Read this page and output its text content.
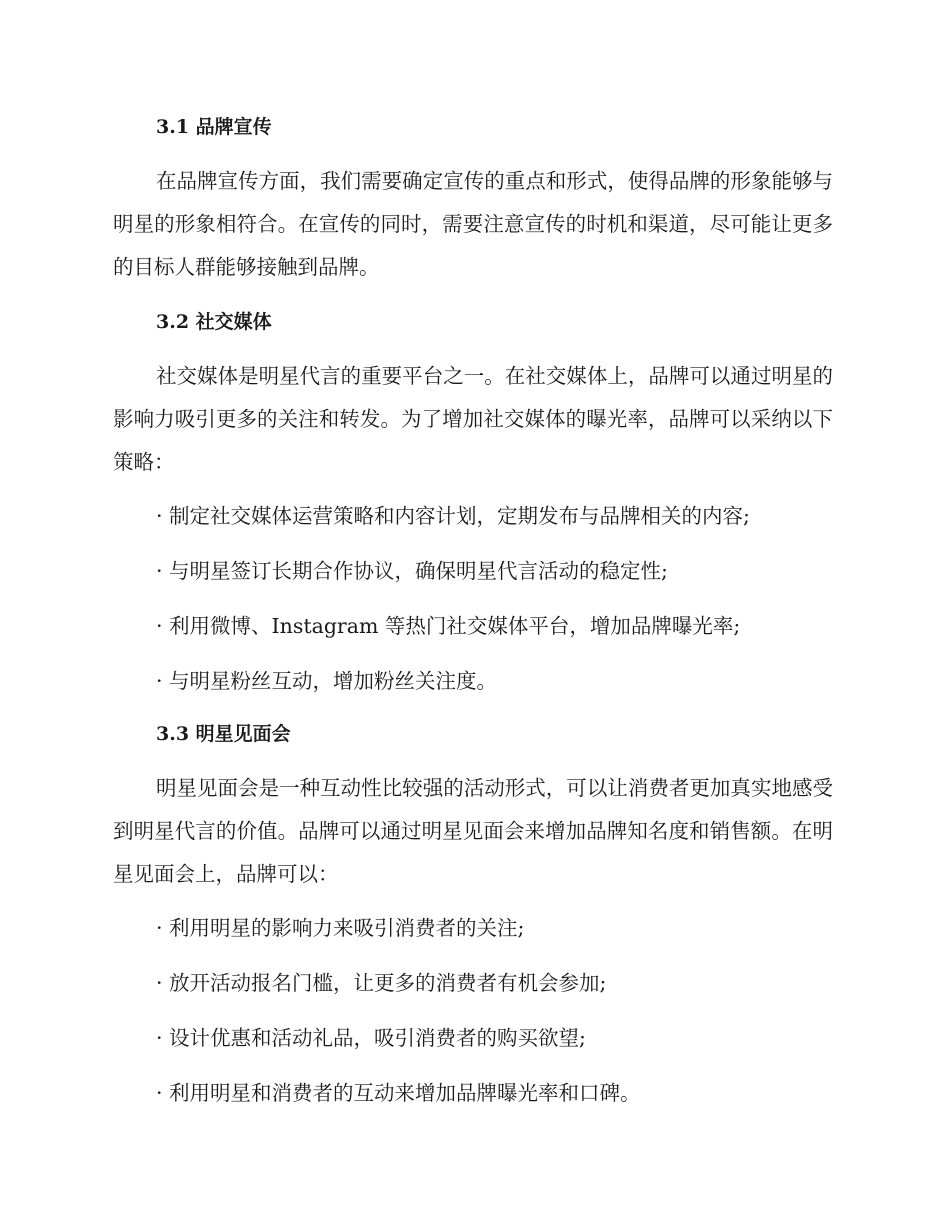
3.1 品牌宣传

在品牌宣传方面，我们需要确定宣传的重点和形式，使得品牌的形象能够与明星的形象相符合。在宣传的同时，需要注意宣传的时机和渠道，尽可能让更多的目标人群能够接触到品牌。

3.2 社交媒体

社交媒体是明星代言的重要平台之一。在社交媒体上，品牌可以通过明星的影响力吸引更多的关注和转发。为了增加社交媒体的曝光率，品牌可以采纳以下策略：

· 制定社交媒体运营策略和内容计划，定期发布与品牌相关的内容;
· 与明星签订长期合作协议，确保明星代言活动的稳定性;
· 利用微博、Instagram 等热门社交媒体平台，增加品牌曝光率;
· 与明星粉丝互动，增加粉丝关注度。
3.3 明星见面会

明星见面会是一种互动性比较强的活动形式，可以让消费者更加真实地感受到明星代言的价值。品牌可以通过明星见面会来增加品牌知名度和销售额。在明星见面会上，品牌可以：

· 利用明星的影响力来吸引消费者的关注;
· 放开活动报名门槛，让更多的消费者有机会参加;
· 设计优惠和活动礼品，吸引消费者的购买欲望;
· 利用明星和消费者的互动来增加品牌曝光率和口碑。
